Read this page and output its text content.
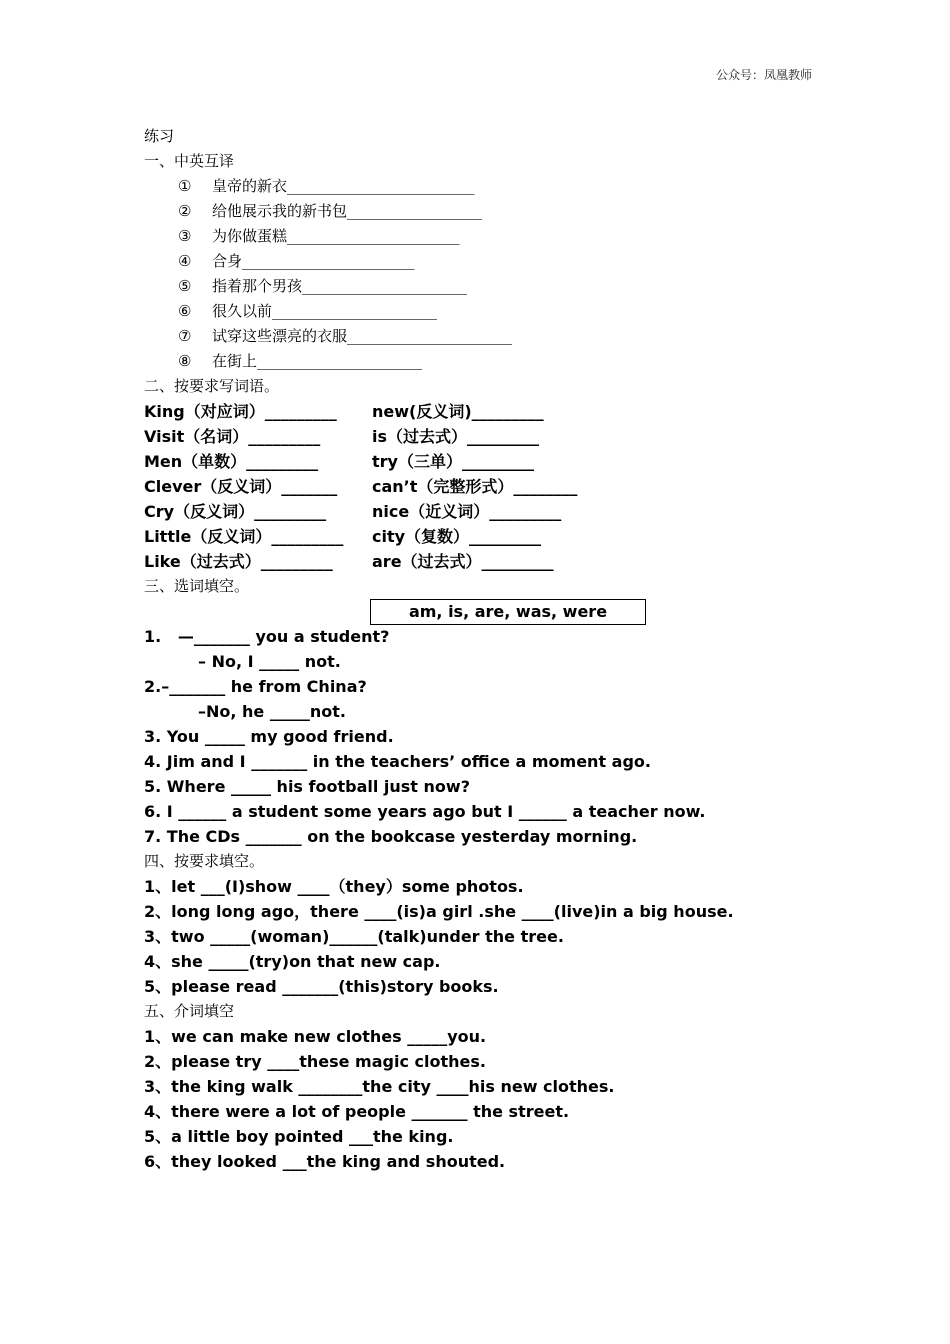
公众号：凤凰教师
练习
一、中英互译
① 皇帝的新衣_________________________
② 给他展示我的新书包__________________
③ 为你做蛋糕_______________________
④ 合身_______________________
⑤ 指着那个男孩______________________
⑥ 很久以前______________________
⑦ 试穿这些漂亮的衣服______________________
⑧ 在街上______________________
二、按要求写词语。
King（对应词）_________	new(反义词)_________
Visit（名词）_________	is（过去式）_________
Men（单数）_________	try（三单）_________
Clever（反义词）_______	can’t（完整形式）________
Cry（反义词）_________	nice（近义词）_________
Little（反义词）_________	city（复数）_________
Like（过去式）_________	are（过去式）_________
三、选词填空。
am, is, are, was, were
1.   —_______ you a student?
– No, I _____ not.
2.–_______ he from China?
–No, he _____not.
3. You _____ my good friend.
4. Jim and I _______ in the teachers’ office a moment ago.
5. Where _____ his football just now?
6. I ______ a student some years ago but I ______ a teacher now.
7. The CDs _______ on the bookcase yesterday morning.
四、按要求填空。
1、let ___(I)show ____（they）some photos.
2、long long ago，there ____(is)a girl .she ____(live)in a big house.
3、two _____(woman)______(talk)under the tree.
4、she _____(try)on that new cap.
5、please read _______(this)story books.
五、介词填空
1、we can make new clothes _____you.
2、please try ____these magic clothes.
3、the king walk ________the city ____his new clothes.
4、there were a lot of people _______ the street.
5、a little boy pointed ___the king.
6、they looked ___the king and shouted.
